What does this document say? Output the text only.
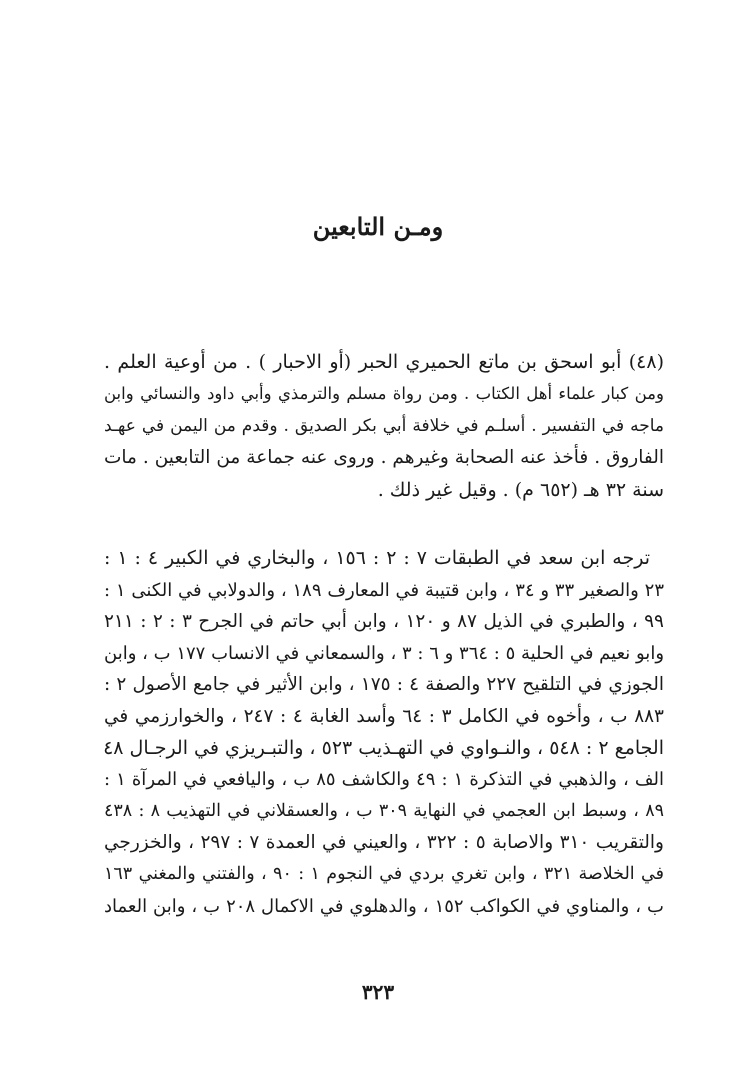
ومـن التابعين
(٤٨) أبو اسحق بن ماتع الحميري الحبر (أو الاحبار ) . من أوعية العلم .
ومن كبار علماء أهل الكتاب . ومن رواة مسلم والترمذي وأبي داود والنسائي وابن
ماجه في التفسير . أسلـم في خلافة أبي بكر الصديق . وقدم من اليمن في عهـد
الفاروق . فأخذ عنه الصحابة وغيرهم . وروى عنه جماعة من التابعين . مات
سنة ٣٢ هـ (٦٥٢ م) . وقيل غير ذلك .
ترجه ابن سعد في الطبقات ٧ : ٢ : ١٥٦ ، والبخاري في الكبير ٤ : ١ :
٢٣ والصغير ٣٣ و ٣٤ ، وابن قتيبة في المعارف ١٨٩ ، والدولابي في الكنى ١ :
٩٩ ، والطبري في الذيل ٨٧ و ١٢٠ ، وابن أبي حاتم في الجرح ٣ : ٢ : ٢١١
وابو نعيم في الحلية ٥ : ٣٦٤ و ٦ : ٣ ، والسمعاني في الانساب ١٧٧ ب ، وابن
الجوزي في التلقيح ٢٢٧ والصفة ٤ : ١٧٥ ، وابن الأثير في جامع الأصول ٢ :
٨٨٣ ب ، وأخوه في الكامل ٣ : ٦٤ وأسد الغابة ٤ : ٢٤٧ ، والخوارزمي في
الجامع ٢ : ٥٤٨ ، والنـواوي في التهـذيب ٥٢٣ ، والتبـريزي في الرجـال ٤٨
الف ، والذهبي في التذكرة ١ : ٤٩ والكاشف ٨٥ ب ، واليافعي في المرآة ١ :
٨٩ ، وسبط ابن العجمي في النهاية ٣٠٩ ب ، والعسقلاني في التهذيب ٨ : ٤٣٨
والتقريب ٣١٠ والاصابة ٥ : ٣٢٢ ، والعيني في العمدة ٧ : ٢٩٧ ، والخزرجي
في الخلاصة ٣٢١ ، وابن تغري بردي في النجوم ١ : ٩٠ ، والفتني والمغني ١٦٣
ب ، والمناوي في الكواكب ١٥٢ ، والدهلوي في الاكمال ٢٠٨ ب ، وابن العماد
٣٢٣
